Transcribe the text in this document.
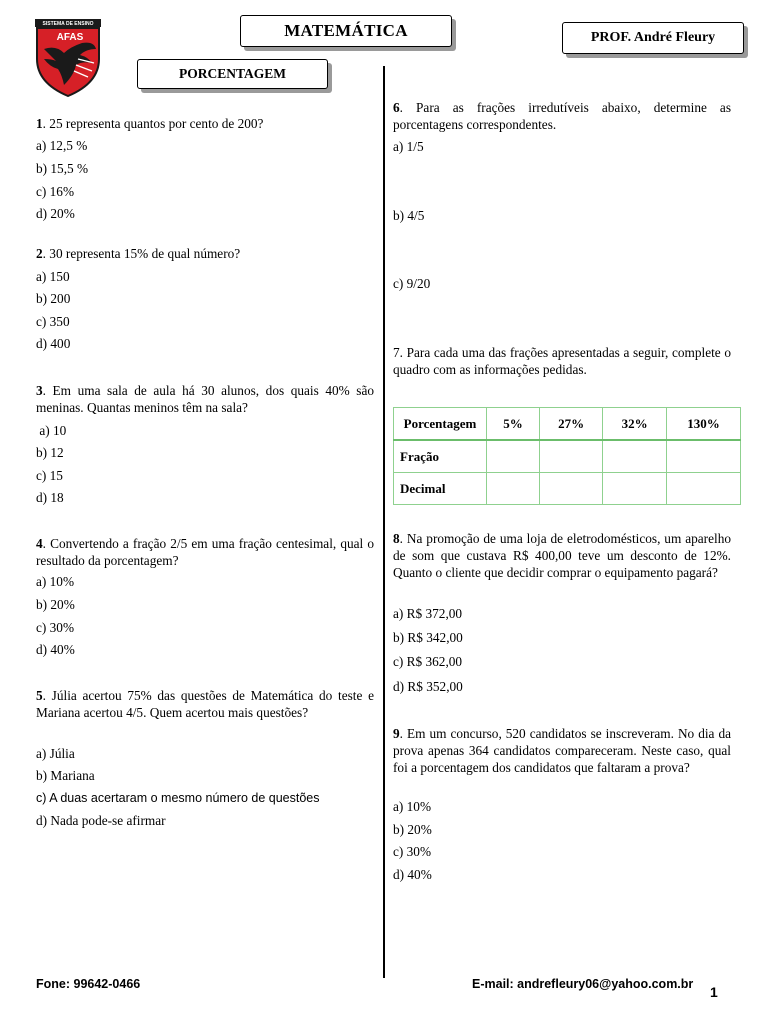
SISTEMA DE ENSINO
AFAS	MATEMÁTICA	PROF. André Fleury
PORCENTAGEM
1. 25 representa quantos por cento de 200?
a) 12,5 %
b) 15,5 %
c) 16%
d) 20%
2. 30 representa 15% de qual número?
a) 150
b) 200
c) 350
d) 400
3. Em uma sala de aula há 30 alunos, dos quais 40% são meninas. Quantas meninos têm na sala?
a) 10
b) 12
c) 15
d) 18
4. Convertendo a fração 2/5 em uma fração centesimal, qual o resultado da porcentagem?
a) 10%
b) 20%
c) 30%
d) 40%
5. Júlia acertou 75% das questões de Matemática do teste e Mariana acertou 4/5. Quem acertou mais questões?
a) Júlia
b) Mariana
c) A duas acertaram o mesmo número de questões
d) Nada pode-se afirmar
6. Para as frações irredutíveis abaixo, determine as porcentagens correspondentes.
a) 1/5
b) 4/5
c) 9/20
7. Para cada uma das frações apresentadas a seguir, complete o quadro com as informações pedidas.
Porcentagem	5%	27%	32%	130%
Fração				
Decimal				
8. Na promoção de uma loja de eletrodomésticos, um aparelho de som que custava R$ 400,00 teve um desconto de 12%. Quanto o cliente que decidir comprar o equipamento pagará?
a) R$ 372,00
b) R$ 342,00
c) R$ 362,00
d) R$ 352,00
9. Em um concurso, 520 candidatos se inscreveram. No dia da prova apenas 364 candidatos compareceram. Neste caso, qual foi a porcentagem dos candidatos que faltaram a prova?
a) 10%
b) 20%
c) 30%
d) 40%
Fone: 99642-0466	E-mail: andrefleury06@yahoo.com.br 1
